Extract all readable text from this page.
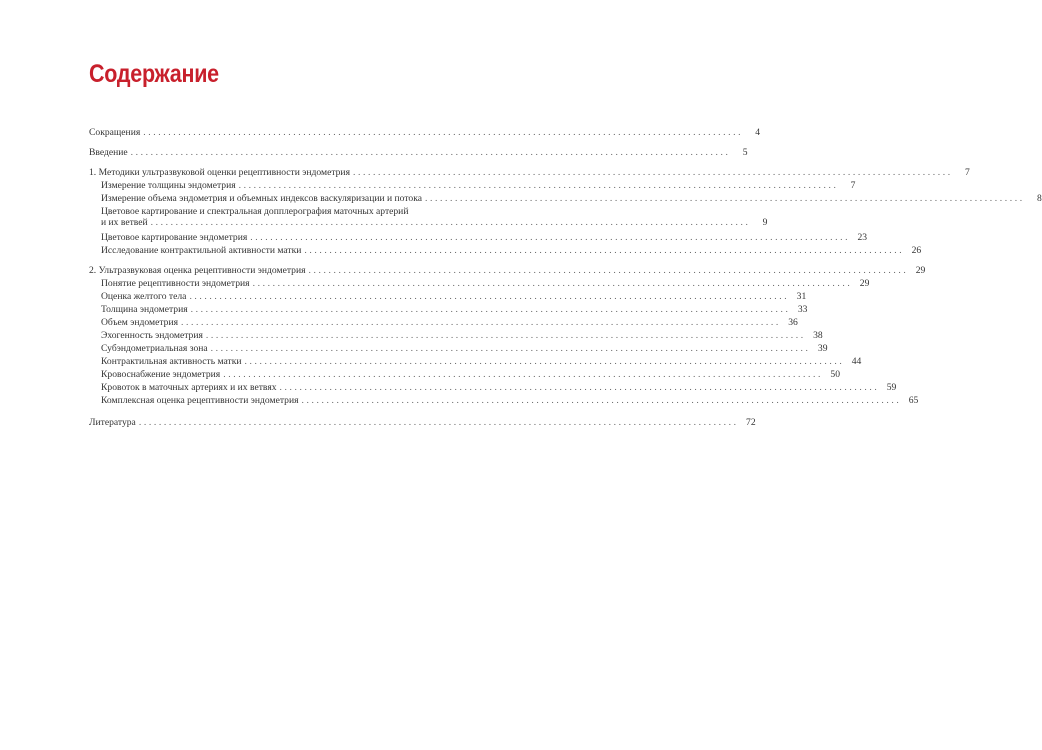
Содержание
Сокращения ........................................................................................................................	4
Введение ........................................................................................................................	5
1. Методики ультразвуковой оценки рецептивности эндометрия ........................................................................................................................	7
Измерение толщины эндометрия ........................................................................................................................	7
Измерение объема эндометрия и объемных индексов васкуляризации и потока ........................................................................................................................	8
Цветовое картирование и спектральная допплерография маточных артерий
и их ветвей ........................................................................................................................	9
Цветовое картирование эндометрия ........................................................................................................................ 23
Исследование контрактильной активности матки ........................................................................................................................ 26
2. Ультразвуковая оценка рецептивности эндометрия ........................................................................................................................ 29
Понятие рецептивности эндометрия ........................................................................................................................ 29
Оценка желтого тела ........................................................................................................................ 31
Толщина эндометрия ........................................................................................................................ 33
Объем эндометрия ........................................................................................................................ 36
Эхогенность эндометрия ........................................................................................................................ 38
Субэндометриальная зона ........................................................................................................................ 39
Контрактильная активность матки ........................................................................................................................ 44
Кровоснабжение эндометрия ........................................................................................................................ 50
Кровоток в маточных артериях и их ветвях ........................................................................................................................ 59
Комплексная оценка рецептивности эндометрия ........................................................................................................................ 65
Литература ........................................................................................................................ 72
